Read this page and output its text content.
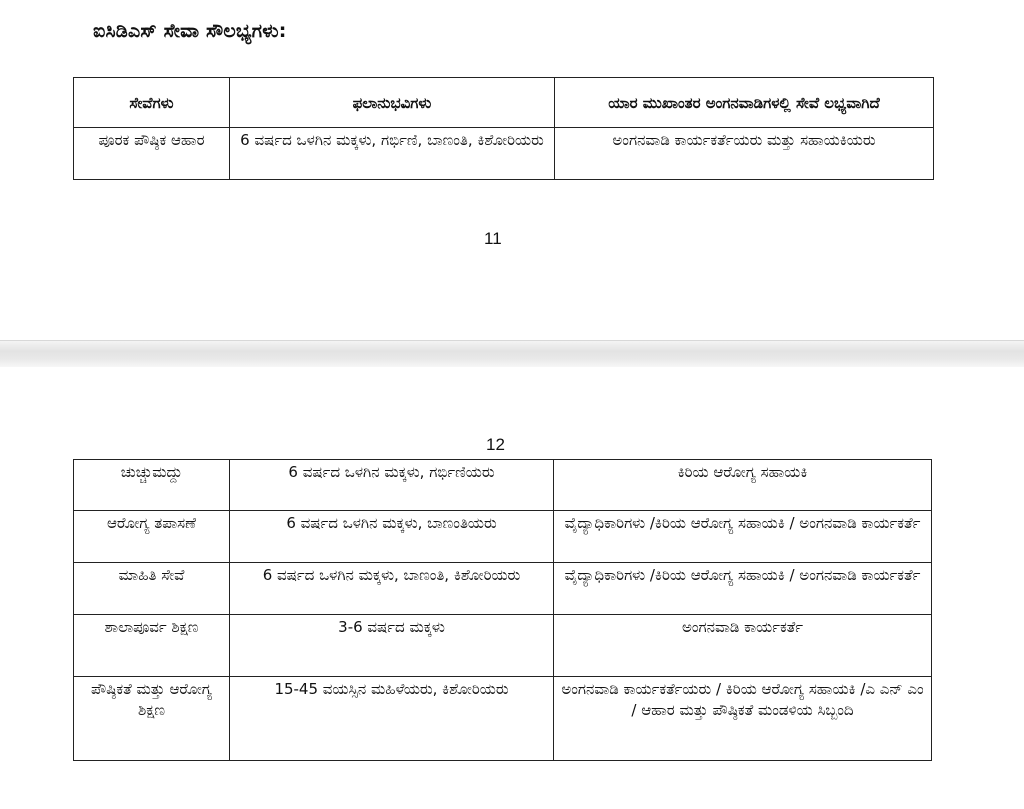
ಐಸಿಡಿಎಸ್ ಸೇವಾ ಸೌಲಭ್ಯಗಳು:
ಸೇವೆಗಳು	ಫಲಾನುಭವಿಗಳು	ಯಾರ ಮುಖಾಂತರ ಅಂಗನವಾಡಿಗಳಲ್ಲಿ ಸೇವೆ ಲಭ್ಯವಾಗಿದೆ
ಪೂರಕ ಪೌಷ್ಠಿಕ ಆಹಾರ	6 ವರ್ಷದ ಒಳಗಿನ ಮಕ್ಕಳು, ಗರ್ಭಿಣಿ, ಬಾಣಂತಿ, ಕಿಶೋರಿಯರು	ಅಂಗನವಾಡಿ ಕಾರ್ಯಕರ್ತೆಯರು ಮತ್ತು ಸಹಾಯಕಿಯರು
11
12
ಚುಚ್ಚುಮದ್ದು	6 ವರ್ಷದ ಒಳಗಿನ ಮಕ್ಕಳು, ಗರ್ಭಿಣಿಯರು	ಕಿರಿಯ ಆರೋಗ್ಯ ಸಹಾಯಕಿ
ಆರೋಗ್ಯ ತಪಾಸಣೆ	6 ವರ್ಷದ ಒಳಗಿನ ಮಕ್ಕಳು, ಬಾಣಂತಿಯರು	ವೈದ್ಯಾಧಿಕಾರಿಗಳು /ಕಿರಿಯ ಆರೋಗ್ಯ ಸಹಾಯಕಿ / ಅಂಗನವಾಡಿ ಕಾರ್ಯಕರ್ತೆ
ಮಾಹಿತಿ ಸೇವೆ	6 ವರ್ಷದ ಒಳಗಿನ ಮಕ್ಕಳು, ಬಾಣಂತಿ, ಕಿಶೋರಿಯರು	ವೈದ್ಯಾಧಿಕಾರಿಗಳು /ಕಿರಿಯ ಆರೋಗ್ಯ ಸಹಾಯಕಿ / ಅಂಗನವಾಡಿ ಕಾರ್ಯಕರ್ತೆ
ಶಾಲಾಪೂರ್ವ ಶಿಕ್ಷಣ	3-6 ವರ್ಷದ ಮಕ್ಕಳು	ಅಂಗನವಾಡಿ ಕಾರ್ಯಕರ್ತೆ
ಪೌಷ್ಠಿಕತೆ ಮತ್ತು ಆರೋಗ್ಯ ಶಿಕ್ಷಣ	15-45 ವಯಸ್ಸಿನ ಮಹಿಳೆಯರು, ಕಿಶೋರಿಯರು	ಅಂಗನವಾಡಿ ಕಾರ್ಯಕರ್ತೆಯರು / ಕಿರಿಯ ಆರೋಗ್ಯ ಸಹಾಯಕಿ /ಎ ಎನ್ ಎಂ / ಆಹಾರ ಮತ್ತು ಪೌಷ್ಠಿಕತೆ ಮಂಡಳಿಯ ಸಿಬ್ಬಂದಿ
